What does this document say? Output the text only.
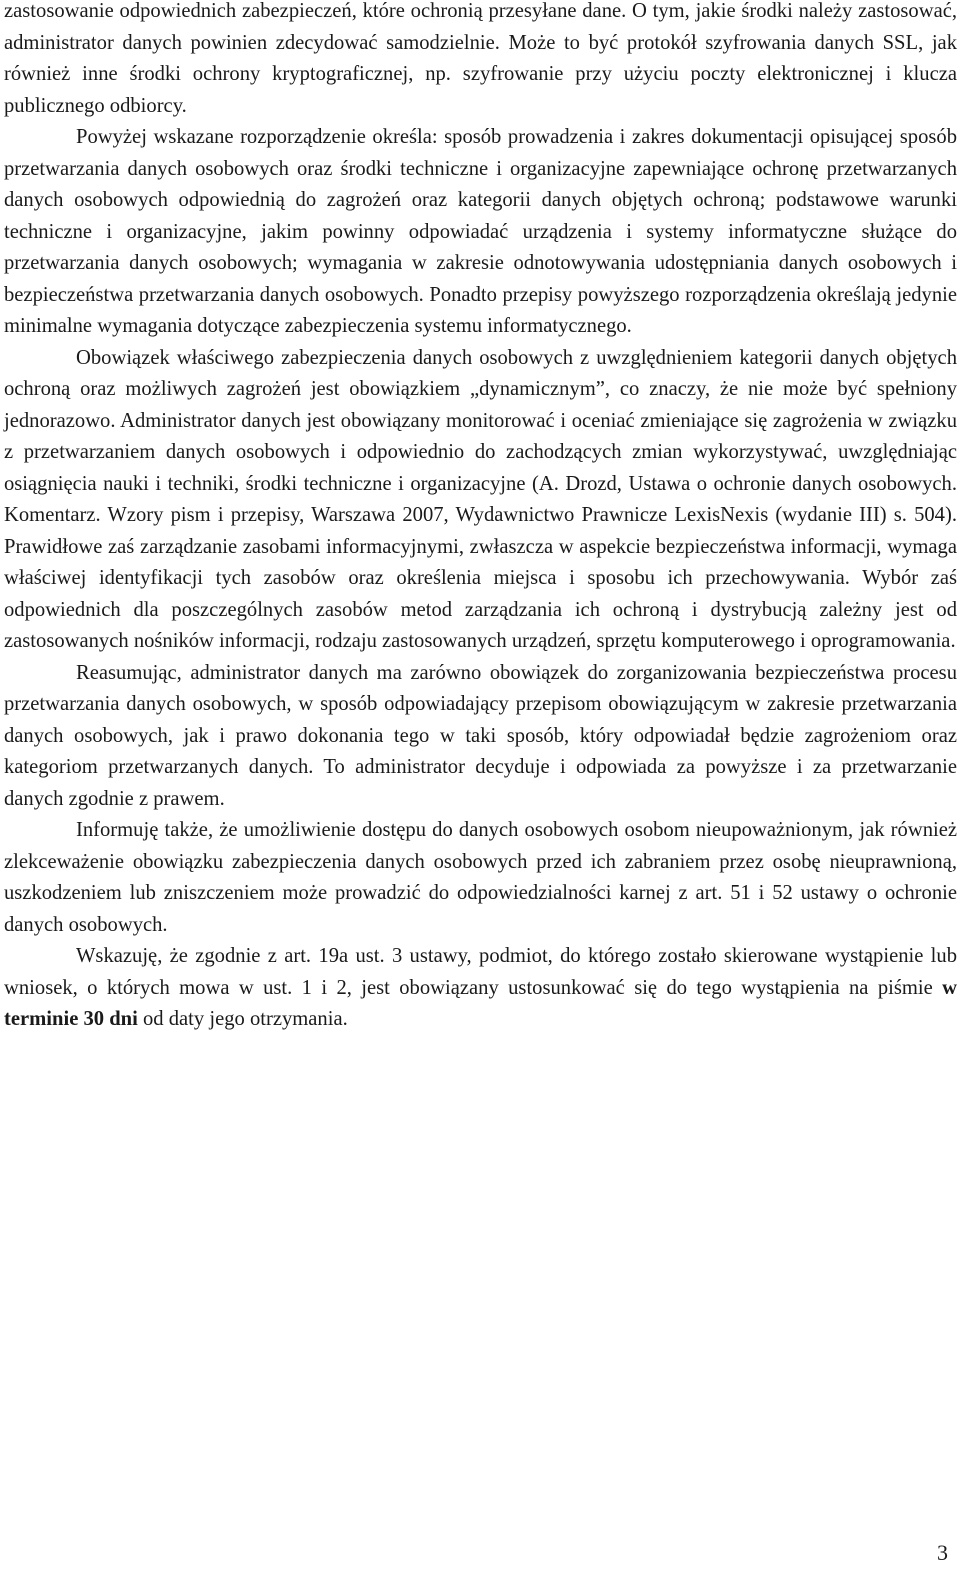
zastosowanie odpowiednich zabezpieczeń, które ochronią przesyłane dane. O tym, jakie środki należy zastosować, administrator danych powinien zdecydować samodzielnie. Może to być protokół szyfrowania danych SSL, jak również inne środki ochrony kryptograficznej, np. szyfrowanie przy użyciu poczty elektronicznej i klucza publicznego odbiorcy.

Powyżej wskazane rozporządzenie określa: sposób prowadzenia i zakres dokumentacji opisującej sposób przetwarzania danych osobowych oraz środki techniczne i organizacyjne zapewniające ochronę przetwarzanych danych osobowych odpowiednią do zagrożeń oraz kategorii danych objętych ochroną; podstawowe warunki techniczne i organizacyjne, jakim powinny odpowiadać urządzenia i systemy informatyczne służące do przetwarzania danych osobowych; wymagania w zakresie odnotowywania udostępniania danych osobowych i bezpieczeństwa przetwarzania danych osobowych. Ponadto przepisy powyższego rozporządzenia określają jedynie minimalne wymagania dotyczące zabezpieczenia systemu informatycznego.

Obowiązek właściwego zabezpieczenia danych osobowych z uwzględnieniem kategorii danych objętych ochroną oraz możliwych zagrożeń jest obowiązkiem „dynamicznym”, co znaczy, że nie może być spełniony jednorazowo. Administrator danych jest obowiązany monitorować i oceniać zmieniające się zagrożenia w związku z przetwarzaniem danych osobowych i odpowiednio do zachodzących zmian wykorzystywać, uwzględniając osiągnięcia nauki i techniki, środki techniczne i organizacyjne (A. Drozd, Ustawa o ochronie danych osobowych. Komentarz. Wzory pism i przepisy, Warszawa 2007, Wydawnictwo Prawnicze LexisNexis (wydanie III) s. 504). Prawidłowe zaś zarządzanie zasobami informacyjnymi, zwłaszcza w aspekcie bezpieczeństwa informacji, wymaga właściwej identyfikacji tych zasobów oraz określenia miejsca i sposobu ich przechowywania. Wybór zaś odpowiednich dla poszczególnych zasobów metod zarządzania ich ochroną i dystrybucją zależny jest od zastosowanych nośników informacji, rodzaju zastosowanych urządzeń, sprzętu komputerowego i oprogramowania.

Reasumując, administrator danych ma zarówno obowiązek do zorganizowania bezpieczeństwa procesu przetwarzania danych osobowych, w sposób odpowiadający przepisom obowiązującym w zakresie przetwarzania danych osobowych, jak i prawo dokonania tego w taki sposób, który odpowiadał będzie zagrożeniom oraz kategoriom przetwarzanych danych. To administrator decyduje i odpowiada za powyższe i za przetwarzanie danych zgodnie z prawem.

Informuję także, że umożliwienie dostępu do danych osobowych osobom nieupoważnionym, jak również zlekceważenie obowiązku zabezpieczenia danych osobowych przed ich zabraniem przez osobę nieuprawnioną, uszkodzeniem lub zniszczeniem może prowadzić do odpowiedzialności karnej z art. 51 i 52 ustawy o ochronie danych osobowych.

Wskazuję, że zgodnie z art. 19a ust. 3 ustawy, podmiot, do którego zostało skierowane wystąpienie lub wniosek, o których mowa w ust. 1 i 2, jest obowiązany ustosunkować się do tego wystąpienia na piśmie w terminie 30 dni od daty jego otrzymania.

3
